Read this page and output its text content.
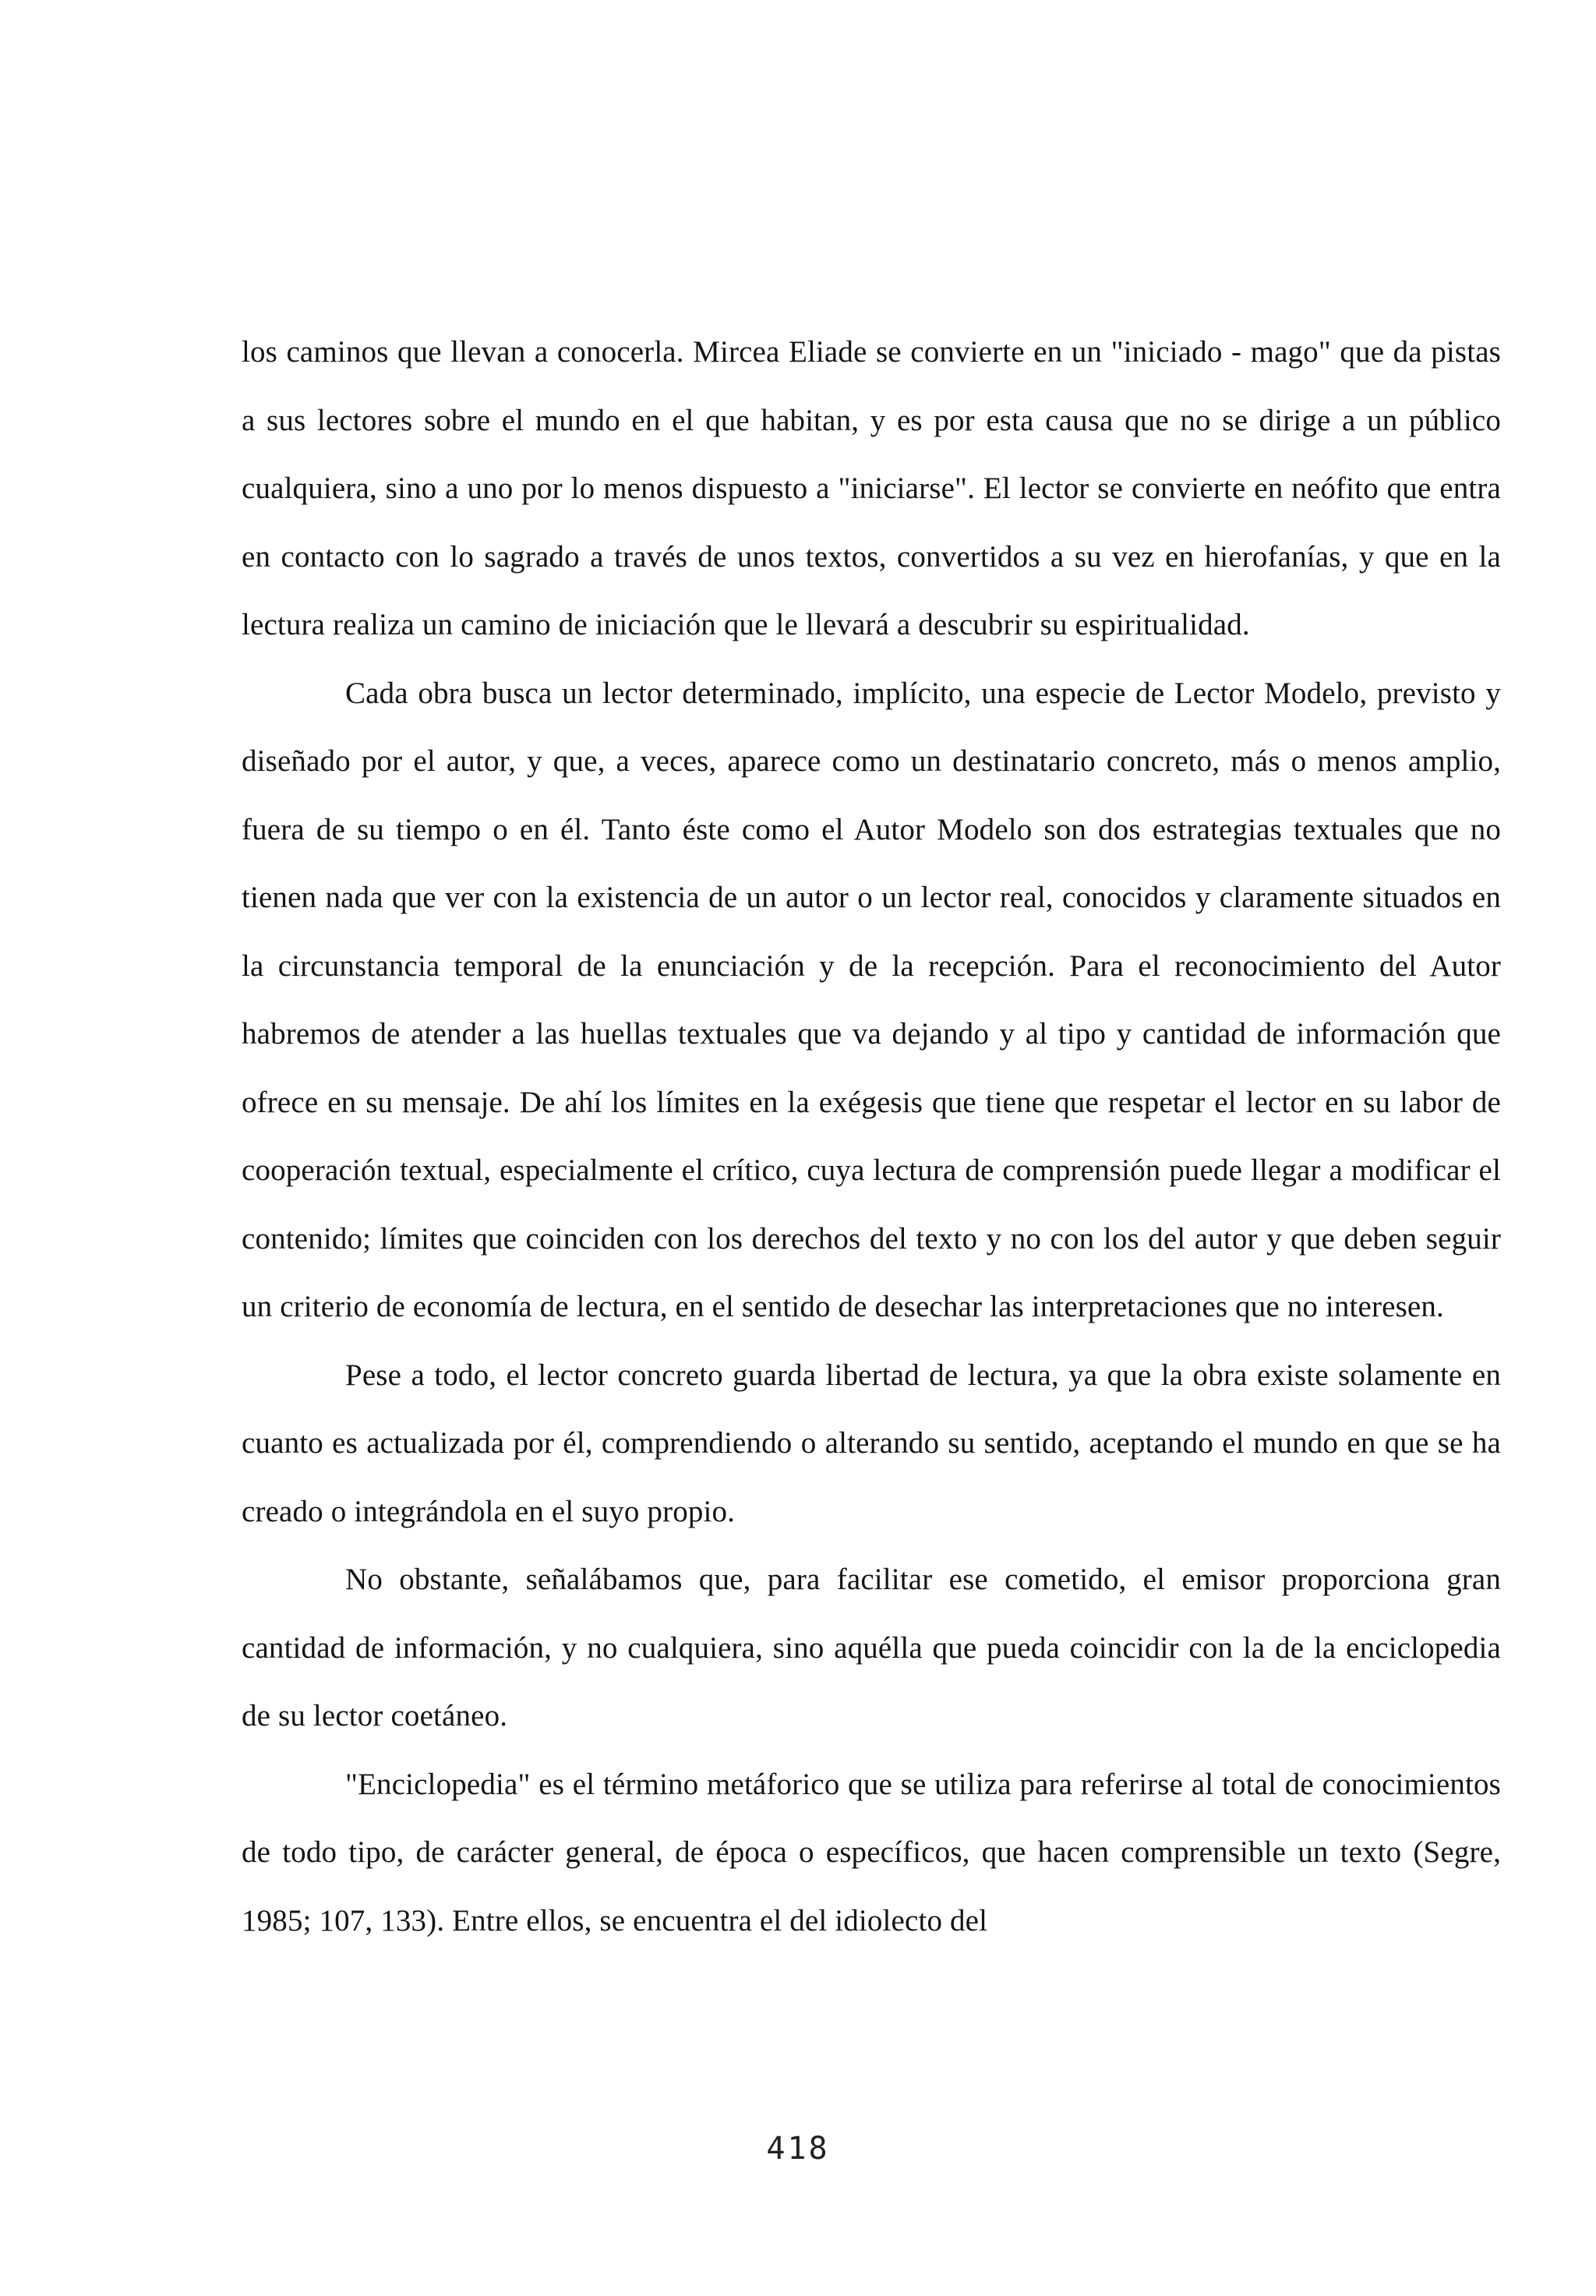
los caminos que llevan a conocerla. Mircea Eliade se convierte en un "iniciado - mago" que da pistas a sus lectores sobre el mundo en el que habitan, y es por esta causa que no se dirige a un público cualquiera, sino a uno por lo menos dispuesto a "iniciarse". El lector se convierte en neófito que entra en contacto con lo sagrado a través de unos textos, convertidos a su vez en hierofanías, y que en la lectura realiza un camino de iniciación que le llevará a descubrir su espiritualidad.

Cada obra busca un lector determinado, implícito, una especie de Lector Modelo, previsto y diseñado por el autor, y que, a veces, aparece como un destinatario concreto, más o menos amplio, fuera de su tiempo o en él. Tanto éste como el Autor Modelo son dos estrategias textuales que no tienen nada que ver con la existencia de un autor o un lector real, conocidos y claramente situados en la circunstancia temporal de la enunciación y de la recepción. Para el reconocimiento del Autor habremos de atender a las huellas textuales que va dejando y al tipo y cantidad de información que ofrece en su mensaje. De ahí los límites en la exégesis que tiene que respetar el lector en su labor de cooperación textual, especialmente el crítico, cuya lectura de comprensión puede llegar a modificar el contenido; límites que coinciden con los derechos del texto y no con los del autor y que deben seguir un criterio de economía de lectura, en el sentido de desechar las interpretaciones que no interesen.

Pese a todo, el lector concreto guarda libertad de lectura, ya que la obra existe solamente en cuanto es actualizada por él, comprendiendo o alterando su sentido, aceptando el mundo en que se ha creado o integrándola en el suyo propio.

No obstante, señalábamos que, para facilitar ese cometido, el emisor proporciona gran cantidad de información, y no cualquiera, sino aquélla que pueda coincidir con la de la enciclopedia de su lector coetáneo.

"Enciclopedia" es el término metáforico que se utiliza para referirse al total de conocimientos de todo tipo, de carácter general, de época o específicos, que hacen comprensible un texto (Segre, 1985; 107, 133). Entre ellos, se encuentra el del idiolecto del

418
